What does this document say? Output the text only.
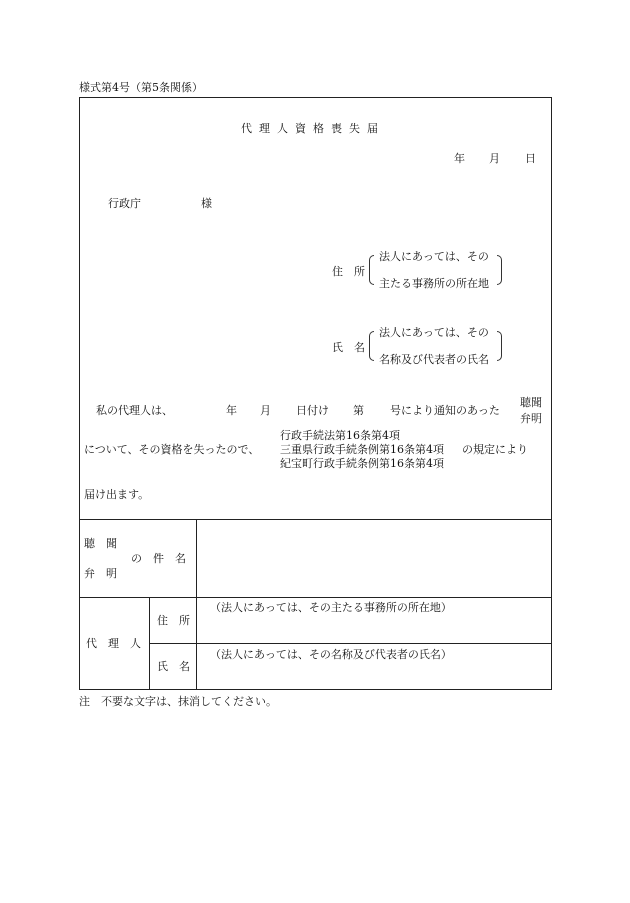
様式第4号（第5条関係）
代理人資格喪失届
年 月 日
行政庁	様
住　所
法人にあっては、その
主たる事務所の所在地
氏　名
法人にあっては、その
名称及び代表者の氏名
私の代理人は、	年 月 日付け 第 号により通知のあった
聴聞
弁明
について、その資格を失ったので、
行政手続法第16条第4項
三重県行政手続条例第16条第4項
紀宝町行政手続条例第16条第4項
の規定により
届け出ます。
聴　聞
の　件　名
弁　明
代　理　人
住　所
（法人にあっては、その主たる事務所の所在地）
氏　名
（法人にあっては、その名称及び代表者の氏名）
注　不要な文字は、抹消してください。
